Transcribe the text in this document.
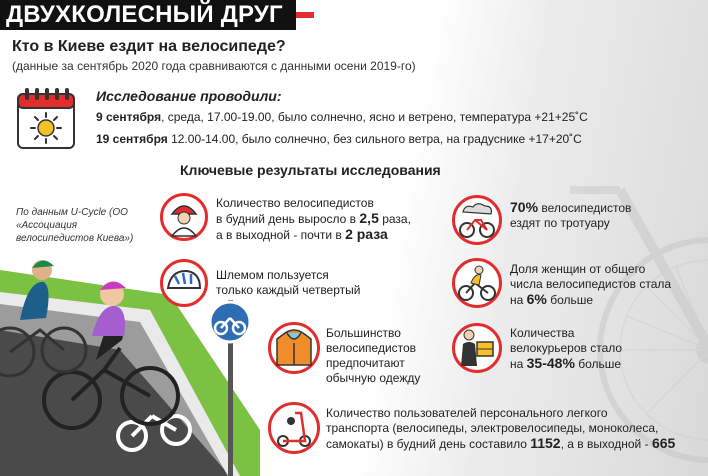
ДВУХКОЛЕСНЫЙ ДРУГ
Кто в Киеве ездит на велосипеде?
(данные за сентябрь 2020 года сравниваются с данными осени 2019-го)
Исследование проводили:
9 сентября, среда, 17.00-19.00, было солнечно, ясно и ветрено, температура +21+25˚С
19 сентября 12.00-14.00, было солнечно, без сильного ветра, на градуснике +17+20˚С
Ключевые результаты исследования
По данным U-Cycle (ОО «Ассоциация велосипедистов Киева»)
Количество велосипедистов
в будний день выросло в 2,5 раза,
а в выходной - почти в 2 раза
Шлемом пользуется
только каждый четвертый
Большинство
велосипедистов
предпочитают
обычную одежду
Количество пользователей персонального легкого
транспорта (велосипеды, электровелосипеды, моноколеса,
самокаты) в будний день составило 1152, а в выходной - 665
70% велосипедистов
ездят по тротуару
Доля женщин от общего
числа велосипедистов стала
на 6% больше
Количества
велокурьеров стало
на 35-48% больше
